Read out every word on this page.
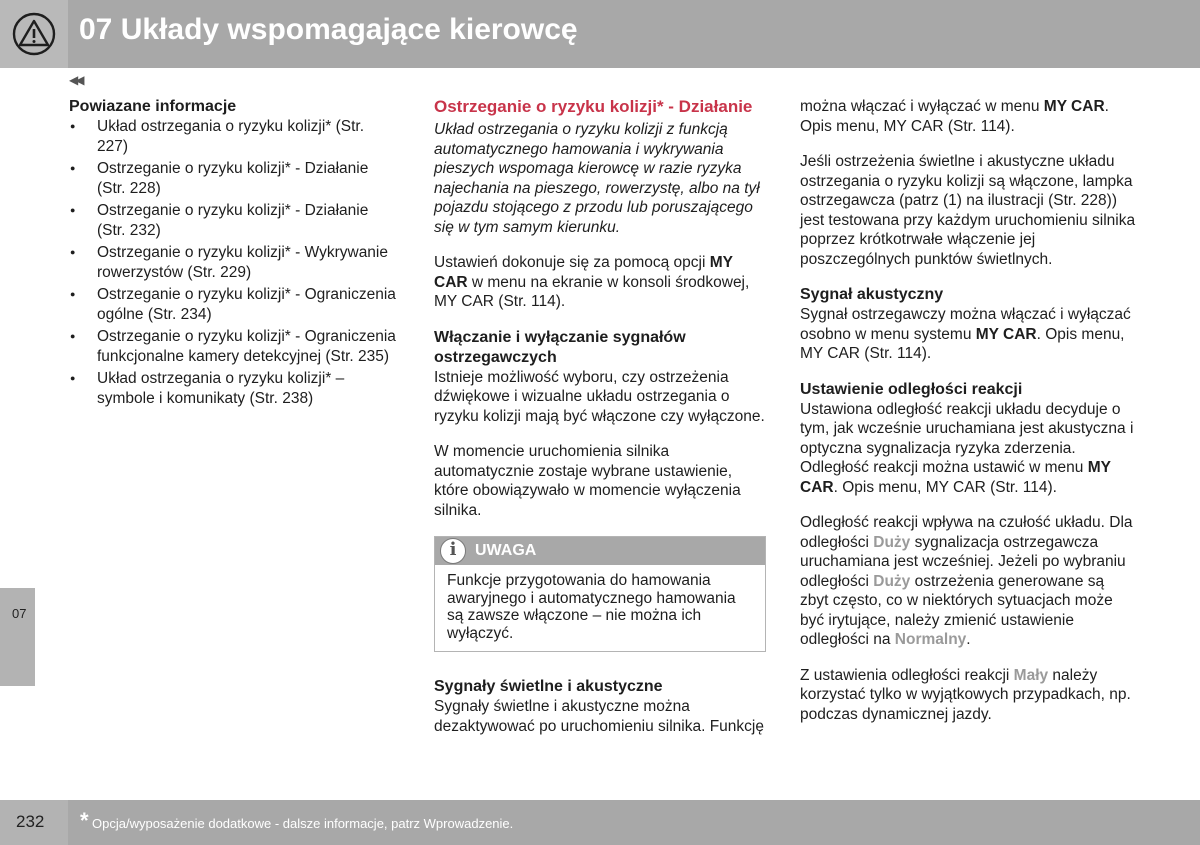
07 Układy wspomagające kierowcę
◀◀
07
Powiazane informacje
● Układ ostrzegania o ryzyku kolizji* (Str. 227)
● Ostrzeganie o ryzyku kolizji* - Działanie (Str. 228)
● Ostrzeganie o ryzyku kolizji* - Działanie (Str. 232)
● Ostrzeganie o ryzyku kolizji* - Wykrywanie rowerzystów (Str. 229)
● Ostrzeganie o ryzyku kolizji* - Ograniczenia ogólne (Str. 234)
● Ostrzeganie o ryzyku kolizji* - Ograniczenia funkcjonalne kamery detekcyjnej (Str. 235)
● Układ ostrzegania o ryzyku kolizji* – symbole i komunikaty (Str. 238)
Ostrzeganie o ryzyku kolizji* - Działanie

Układ ostrzegania o ryzyku kolizji z funkcją automatycznego hamowania i wykrywania pieszych wspomaga kierowcę w razie ryzyka najechania na pieszego, rowerzystę, albo na tył pojazdu stojącego z przodu lub poruszającego się w tym samym kierunku.

Ustawień dokonuje się za pomocą opcji MY CAR w menu na ekranie w konsoli środkowej, MY CAR (Str. 114).

Włączanie i wyłączanie sygnałów ostrzegawczych

Istnieje możliwość wyboru, czy ostrzeżenia dźwiękowe i wizualne układu ostrzegania o ryzyku kolizji mają być włączone czy wyłączone.

W momencie uruchomienia silnika automatycznie zostaje wybrane ustawienie, które obowiązywało w momencie wyłączenia silnika.

i	UWAGA
Funkcje przygotowania do hamowania awaryjnego i automatycznego hamowania są zawsze włączone – nie można ich wyłączyć.
Sygnały świetlne i akustyczne

Sygnały świetlne i akustyczne można dezaktywować po uruchomieniu silnika. Funkcję

można włączać i wyłączać w menu MY CAR. Opis menu, MY CAR (Str. 114).

Jeśli ostrzeżenia świetlne i akustyczne układu ostrzegania o ryzyku kolizji są włączone, lampka ostrzegawcza (patrz (1) na ilustracji (Str. 228)) jest testowana przy każdym uruchomieniu silnika poprzez krótkotrwałe włączenie jej poszczególnych punktów świetlnych.

Sygnał akustyczny

Sygnał ostrzegawczy można włączać i wyłączać osobno w menu systemu MY CAR. Opis menu, MY CAR (Str. 114).

Ustawienie odległości reakcji

Ustawiona odległość reakcji układu decyduje o tym, jak wcześnie uruchamiana jest akustyczna i optyczna sygnalizacja ryzyka zderzenia. Odległość reakcji można ustawić w menu MY CAR. Opis menu, MY CAR (Str. 114).

Odległość reakcji wpływa na czułość układu. Dla odległości Duży sygnalizacja ostrzegawcza uruchamiana jest wcześniej. Jeżeli po wybraniu odległości Duży ostrzeżenia generowane są zbyt często, co w niektórych sytuacjach może być irytujące, należy zmienić ustawienie odległości na Normalny.

Z ustawienia odległości reakcji Mały należy korzystać tylko w wyjątkowych przypadkach, np. podczas dynamicznej jazdy.

232 * Opcja/wyposażenie dodatkowe - dalsze informacje, patrz Wprowadzenie.
